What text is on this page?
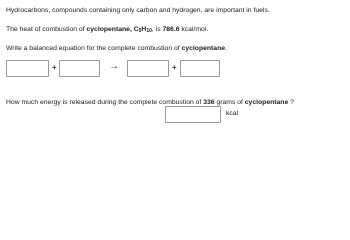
Hydrocarbons, compounds containing only carbon and hydrogen, are important in fuels.
The heat of combustion of cyclopentane, $C_5H_{10}$, is 786.6 kcal/mol.
Write a balanced equation for the complete combustion of cyclopentane.
+	→	+
How much energy is released during the complete combustion of 336 grams of cyclopentane ?
kcal
